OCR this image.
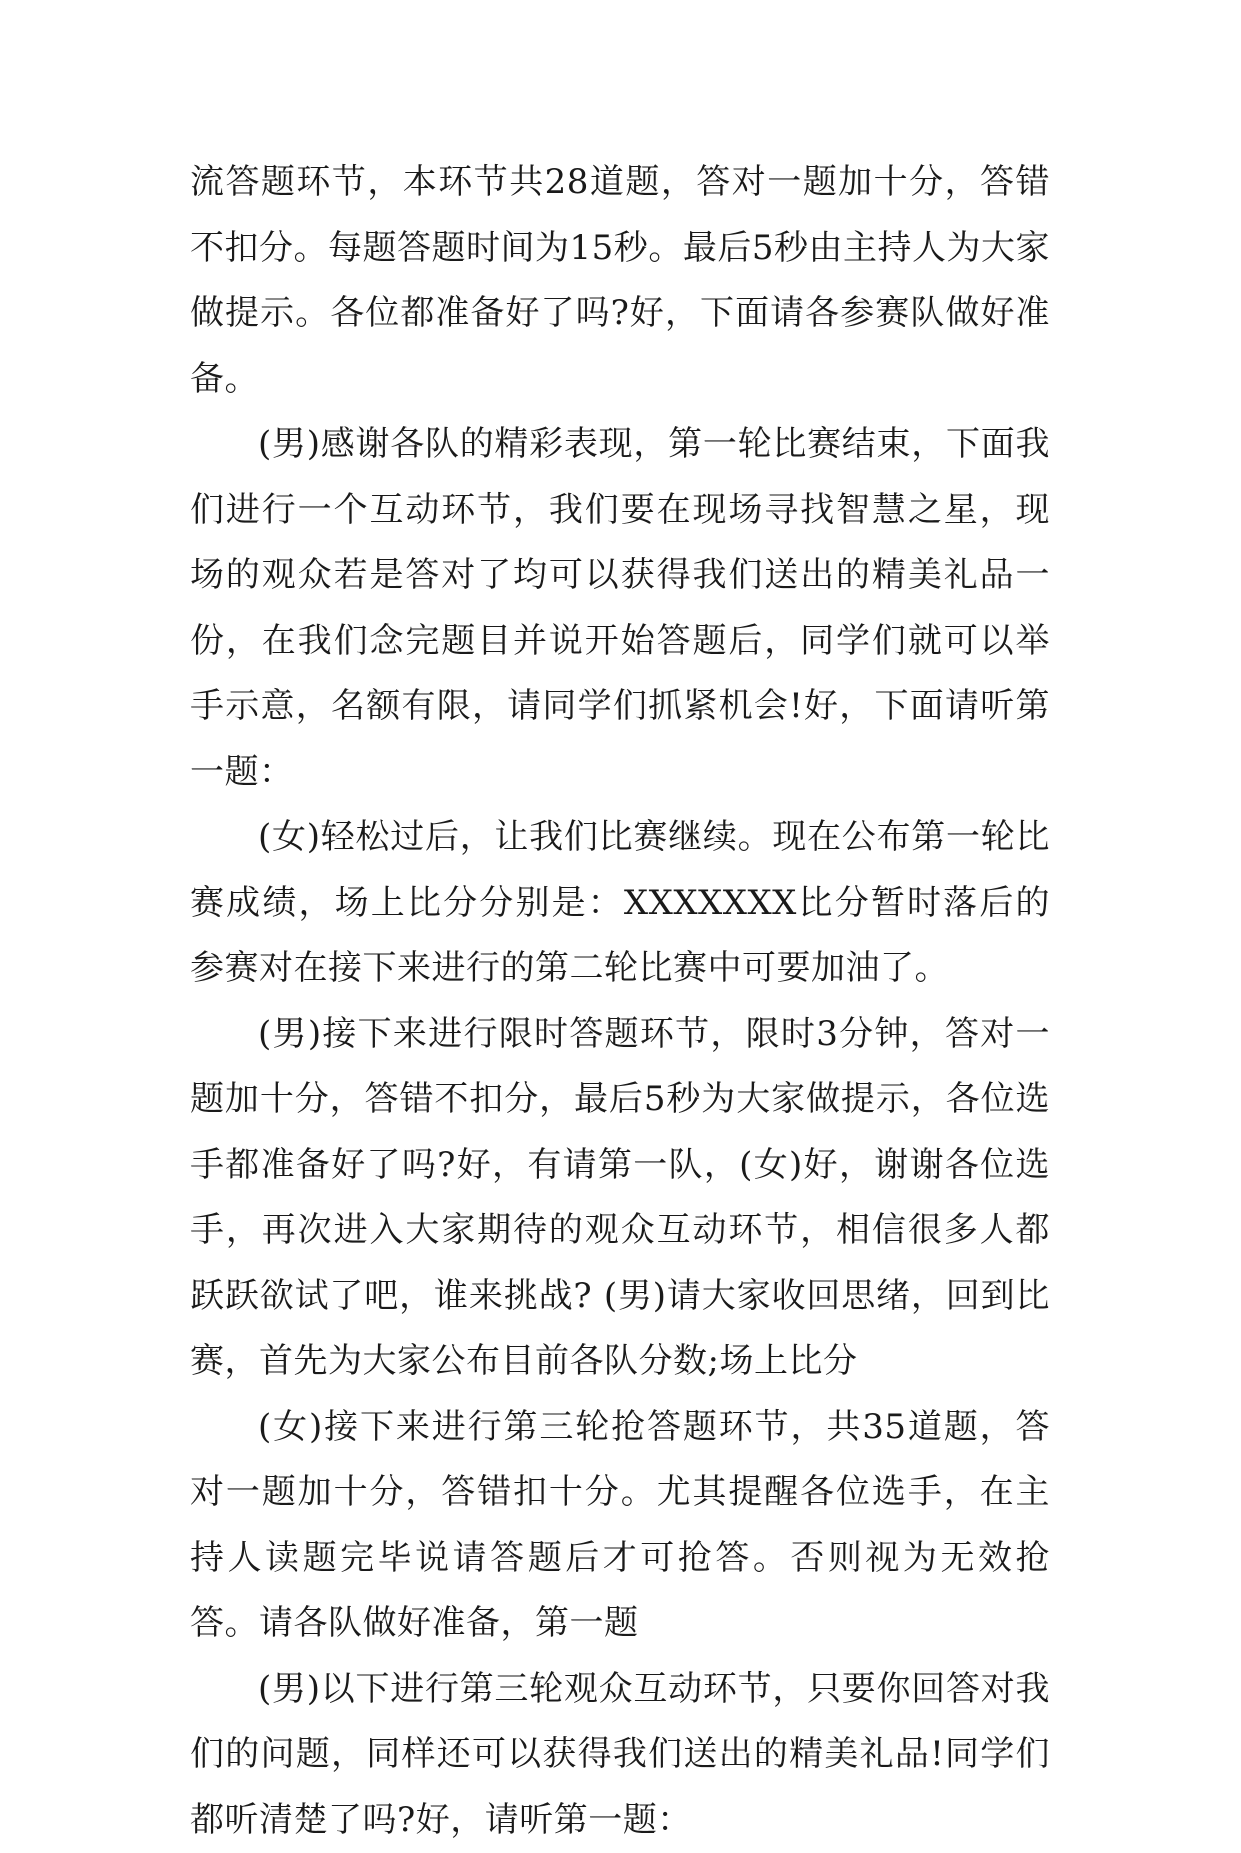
流答题环节，本环节共28道题，答对一题加十分，答错不扣分。每题答题时间为15秒。最后5秒由主持人为大家做提示。各位都准备好了吗?好，下面请各参赛队做好准备。

(男)感谢各队的精彩表现，第一轮比赛结束，下面我们进行一个互动环节，我们要在现场寻找智慧之星，现场的观众若是答对了均可以获得我们送出的精美礼品一份，在我们念完题目并说开始答题后，同学们就可以举手示意，名额有限，请同学们抓紧机会!好，下面请听第一题：

(女)轻松过后，让我们比赛继续。现在公布第一轮比赛成绩，场上比分分别是：XXXXXXX比分暂时落后的参赛对在接下来进行的第二轮比赛中可要加油了。

(男)接下来进行限时答题环节，限时3分钟，答对一题加十分，答错不扣分，最后5秒为大家做提示，各位选手都准备好了吗?好，有请第一队，(女)好，谢谢各位选手，再次进入大家期待的观众互动环节，相信很多人都跃跃欲试了吧，谁来挑战? (男)请大家收回思绪，回到比赛，首先为大家公布目前各队分数;场上比分

(女)接下来进行第三轮抢答题环节，共35道题，答对一题加十分，答错扣十分。尤其提醒各位选手，在主持人读题完毕说请答题后才可抢答。否则视为无效抢答。请各队做好准备，第一题

(男)以下进行第三轮观众互动环节，只要你回答对我们的问题，同样还可以获得我们送出的精美礼品!同学们都听清楚了吗?好，请听第一题：
